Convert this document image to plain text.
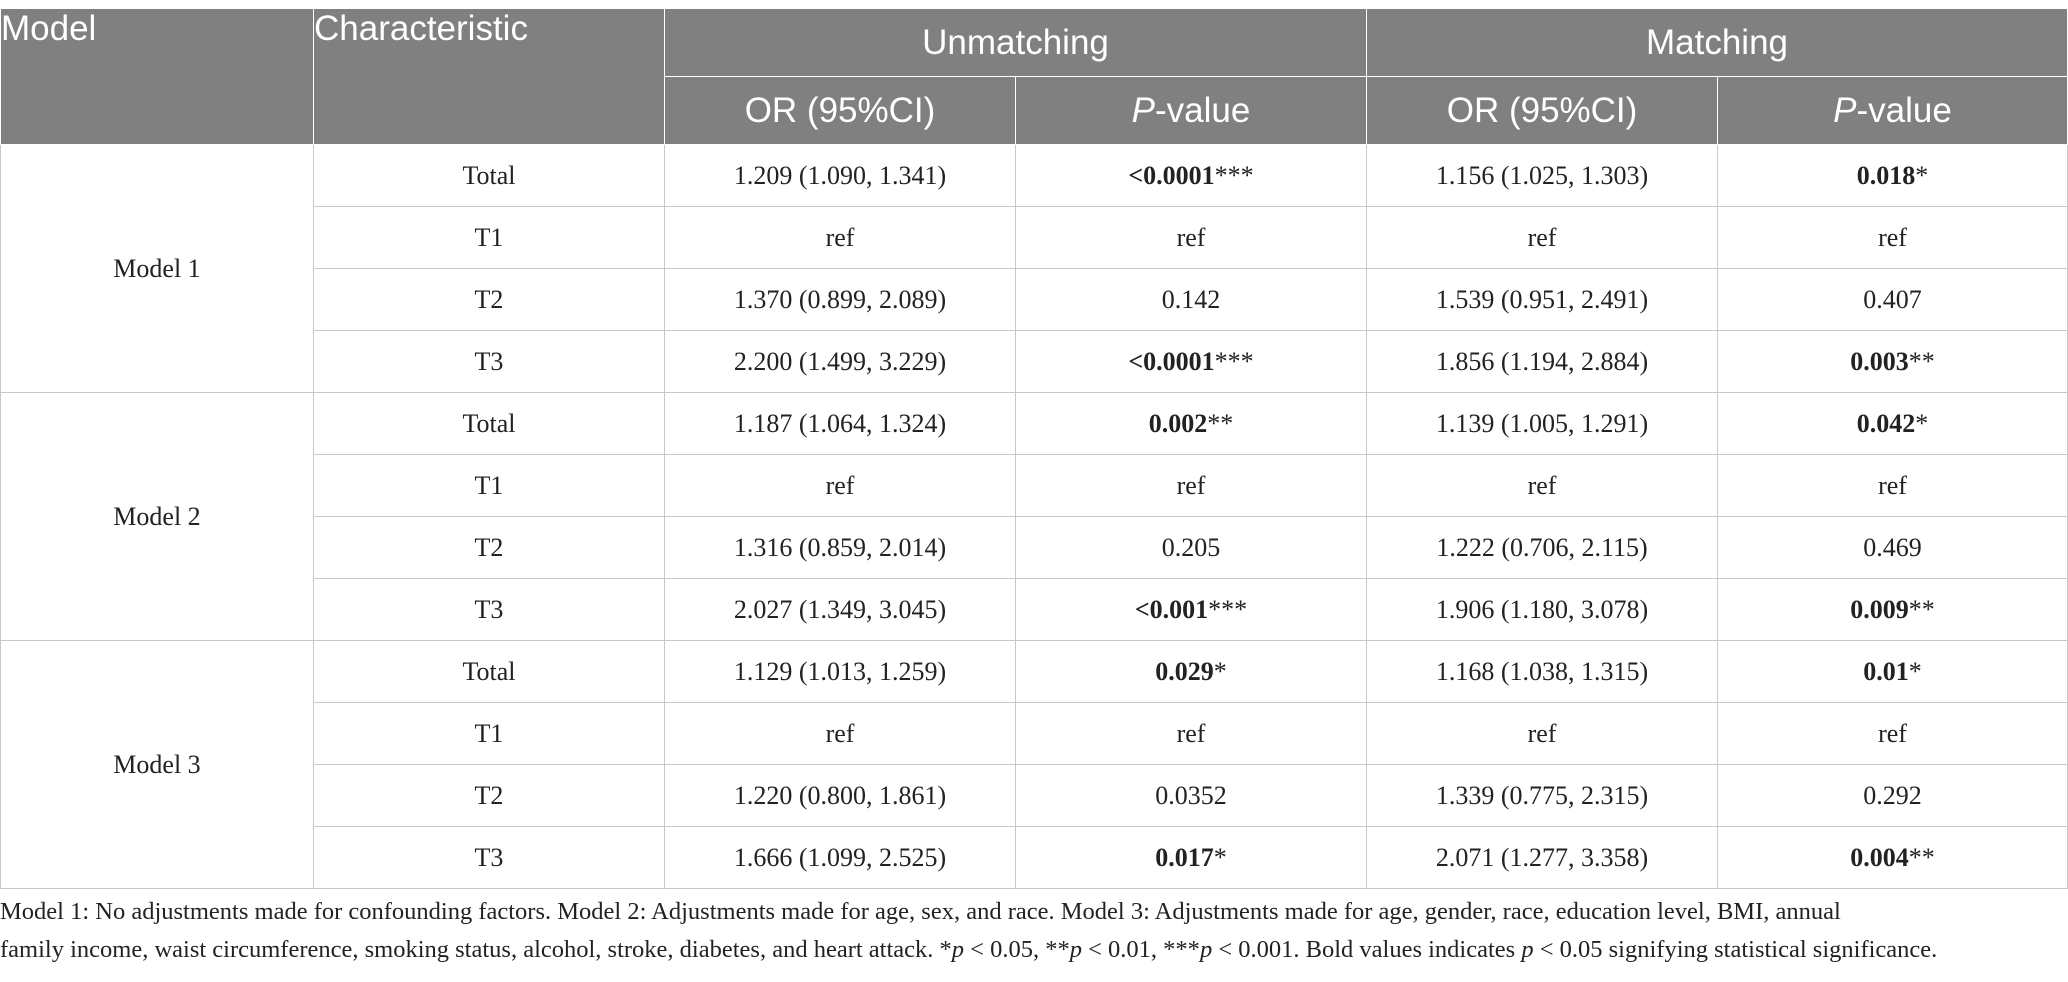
Model	Characteristic	Unmatching		Matching	
		OR (95%CI)	P-value	OR (95%CI)	P-value
Model 1	Total	1.209 (1.090, 1.341)	<0.0001***	1.156 (1.025, 1.303)	0.018*
	T1	ref	ref	ref	ref
	T2	1.370 (0.899, 2.089)	0.142	1.539 (0.951, 2.491)	0.407
	T3	2.200 (1.499, 3.229)	<0.0001***	1.856 (1.194, 2.884)	0.003**
Model 2	Total	1.187 (1.064, 1.324)	0.002**	1.139 (1.005, 1.291)	0.042*
	T1	ref	ref	ref	ref
	T2	1.316 (0.859, 2.014)	0.205	1.222 (0.706, 2.115)	0.469
	T3	2.027 (1.349, 3.045)	<0.001***	1.906 (1.180, 3.078)	0.009**
Model 3	Total	1.129 (1.013, 1.259)	0.029*	1.168 (1.038, 1.315)	0.01*
	T1	ref	ref	ref	ref
	T2	1.220 (0.800, 1.861)	0.0352	1.339 (0.775, 2.315)	0.292
	T3	1.666 (1.099, 2.525)	0.017*	2.071 (1.277, 3.358)	0.004**
Model 1: No adjustments made for confounding factors. Model 2: Adjustments made for age, sex, and race. Model 3: Adjustments made for age, gender, race, education level, BMI, annual
family income, waist circumference, smoking status, alcohol, stroke, diabetes, and heart attack. *p < 0.05, **p < 0.01, ***p < 0.001. Bold values indicates p < 0.05 signifying statistical significance.
